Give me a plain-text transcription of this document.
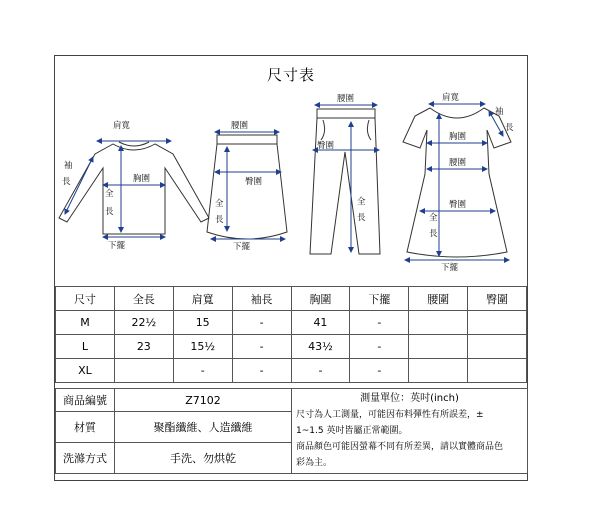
尺寸表
肩寬
袖
長	胸圍
全
長
下擺
腰圍
臀圍
全
長
下擺
腰圍
臀圍
全
長
肩寬
袖
長
胸圍
腰圍
臀圍
全
長
下擺
尺寸	全長	肩寬	袖長	胸圍	下擺	腰圍	臀圍
M	22½	15	-	41	-		
L	23	15½	-	43½	-		
XL		-	-	-	-		
商品編號	Z7102	測量單位：英吋(inch)
尺寸為人工測量，可能因布料彈性有所誤差，±
1~1.5 英吋皆屬正常範圍。
商品顏色可能因螢幕不同有所差異，請以實體商品色
彩為主。

材質	聚酯纖維、人造纖維	
洗滌方式	手洗、勿烘乾	
